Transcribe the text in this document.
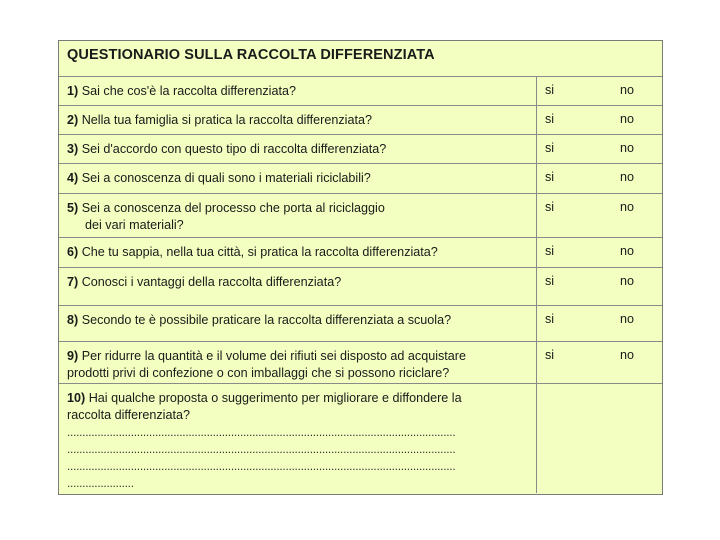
QUESTIONARIO SULLA RACCOLTA DIFFERENZIATA
1) Sai che cos'è la raccolta differenziata?	si	no
2) Nella tua famiglia si pratica la raccolta differenziata?	si	no
3) Sei d'accordo con questo tipo di raccolta differenziata?	si	no
4) Sei a conoscenza di quali sono i materiali riciclabili?	si	no
5) Sei a conoscenza del processo che porta al riciclaggio
dei vari materiali?
si	no
6) Che tu sappia, nella tua città, si pratica la raccolta differenziata?	si	no
7) Conosci i vantaggi della raccolta differenziata?	si	no
8) Secondo te è possibile praticare la raccolta differenziata a scuola?	si	no
9) Per ridurre la quantità e il volume dei rifiuti sei disposto ad acquistare
prodotti privi di confezione o con imballaggi che si possono riciclare?
si	no
10) Hai qualche proposta o suggerimento per migliorare e diffondere la
raccolta differenziata?
................................................................................................................................
................................................................................................................................
................................................................................................................................
......................
